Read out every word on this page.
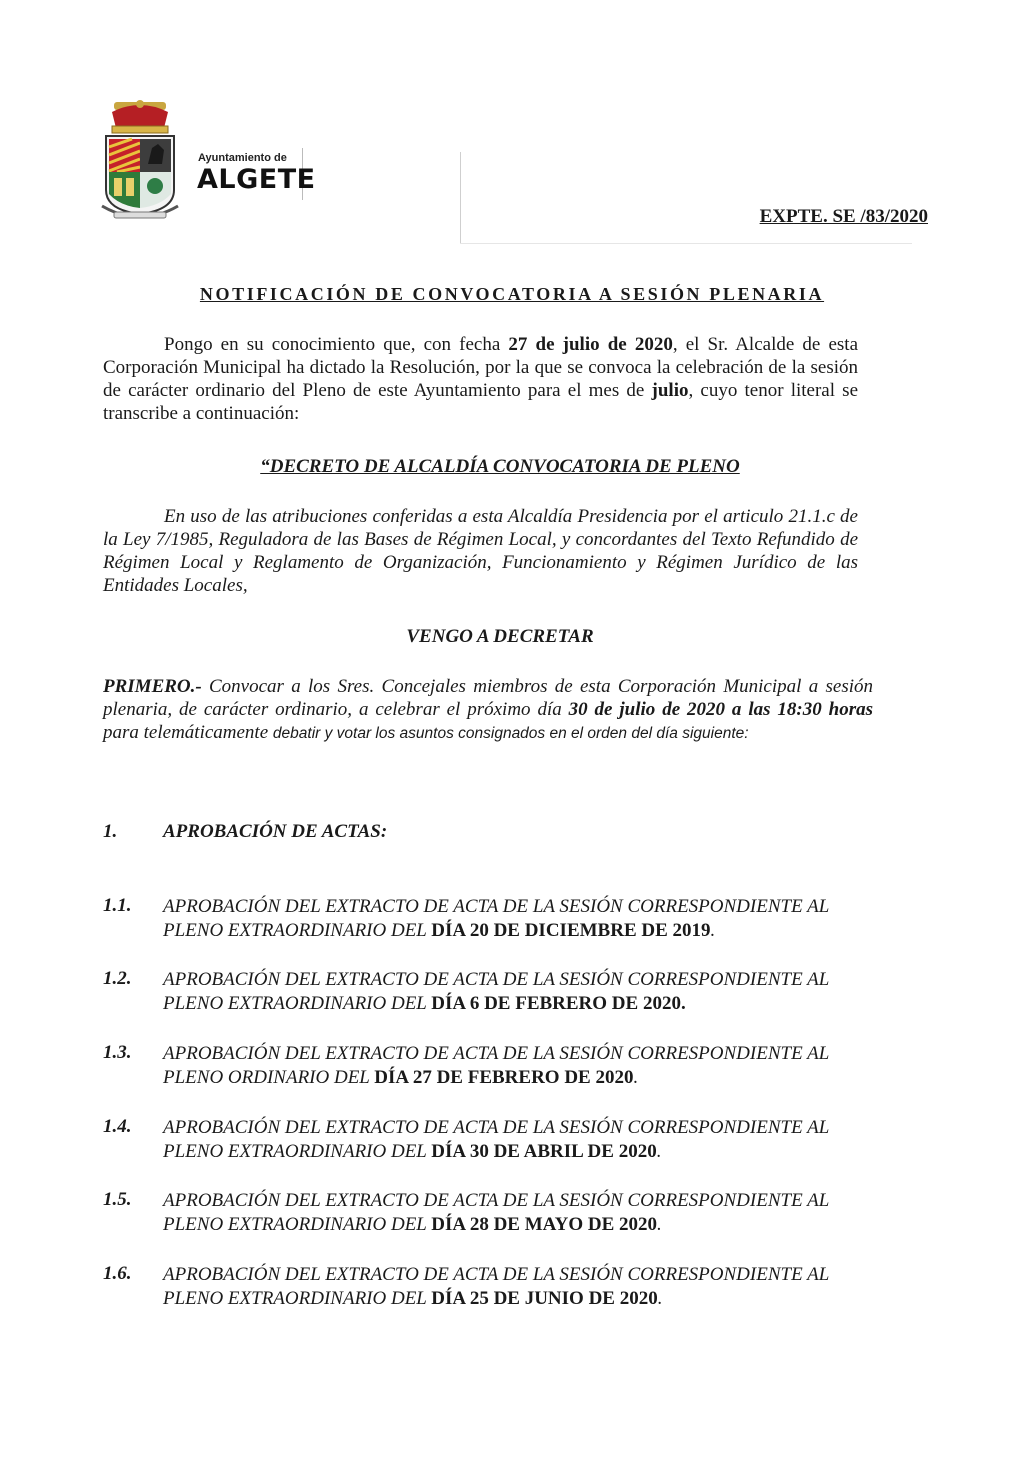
Ayuntamiento de
ALGETE
EXPTE. SE /83/2020
NOTIFICACIÓN DE CONVOCATORIA A SESIÓN PLENARIA

Pongo en su conocimiento que, con fecha 27 de julio de 2020, el Sr. Alcalde de esta Corporación Municipal ha dictado la Resolución, por la que se convoca la celebración de la sesión de carácter ordinario del Pleno de este Ayuntamiento para el mes de julio, cuyo tenor literal se transcribe a continuación:

“DECRETO DE ALCALDÍA CONVOCATORIA DE PLENO

En uso de las atribuciones conferidas a esta Alcaldía Presidencia por el articulo 21.1.c de la Ley 7/1985, Reguladora de las Bases de Régimen Local, y concordantes del Texto Refundido de Régimen Local y Reglamento de Organización, Funcionamiento y Régimen Jurídico de las Entidades Locales,

VENGO A DECRETAR

PRIMERO.- Convocar a los Sres. Concejales miembros de esta Corporación Municipal a sesión plenaria, de carácter ordinario, a celebrar el próximo día 30 de julio de 2020 a las 18:30 horas para telemáticamente debatir y votar los asuntos consignados en el orden del día siguiente:

1. APROBACIÓN DE ACTAS:
1.1. APROBACIÓN DEL EXTRACTO DE ACTA DE LA SESIÓN CORRESPONDIENTE AL PLENO EXTRAORDINARIO DEL DÍA 20 DE DICIEMBRE DE 2019.

1.2. APROBACIÓN DEL EXTRACTO DE ACTA DE LA SESIÓN CORRESPONDIENTE AL PLENO EXTRAORDINARIO DEL DÍA 6 DE FEBRERO DE 2020.

1.3. APROBACIÓN DEL EXTRACTO DE ACTA DE LA SESIÓN CORRESPONDIENTE AL PLENO ORDINARIO DEL DÍA 27 DE FEBRERO DE 2020.

1.4. APROBACIÓN DEL EXTRACTO DE ACTA DE LA SESIÓN CORRESPONDIENTE AL PLENO EXTRAORDINARIO DEL DÍA 30 DE ABRIL DE 2020.

1.5. APROBACIÓN DEL EXTRACTO DE ACTA DE LA SESIÓN CORRESPONDIENTE AL PLENO EXTRAORDINARIO DEL DÍA 28 DE MAYO DE 2020.

1.6. APROBACIÓN DEL EXTRACTO DE ACTA DE LA SESIÓN CORRESPONDIENTE AL PLENO EXTRAORDINARIO DEL DÍA 25 DE JUNIO DE 2020.
